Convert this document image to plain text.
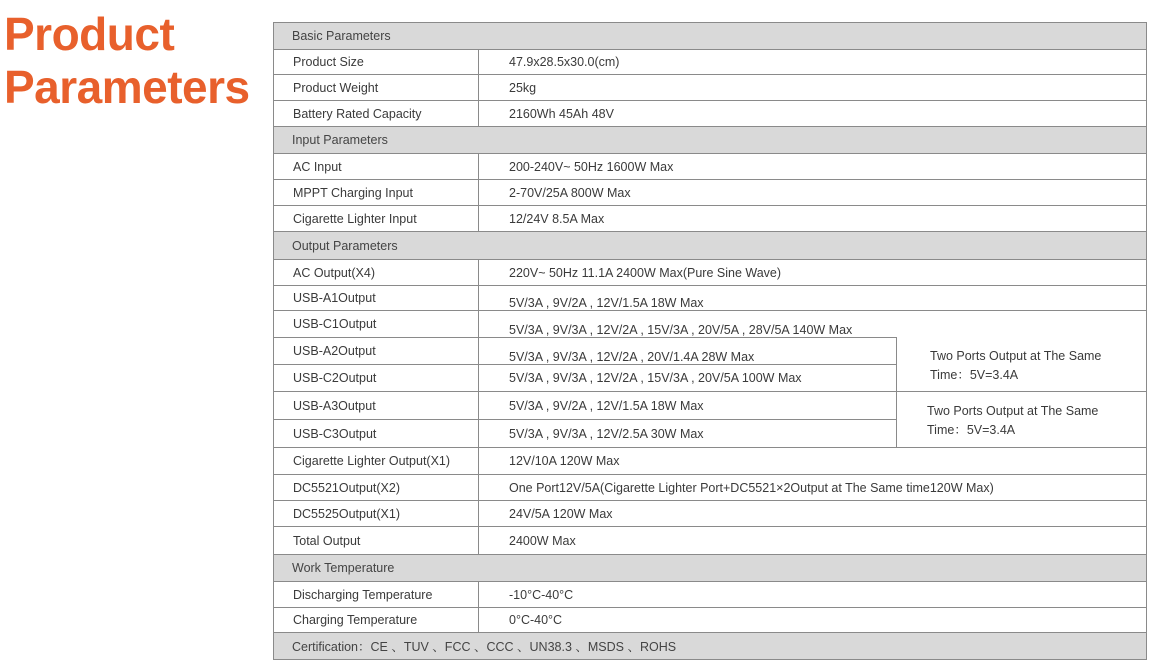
Product
Parameters
Basic Parameters
Product Size	47.9x28.5x30.0(cm)
Product Weight	25kg
Battery Rated Capacity	2160Wh 45Ah 48V
Input Parameters
AC Input	200-240V~ 50Hz 1600W Max
MPPT Charging Input	2-70V/25A 800W Max
Cigarette Lighter Input	12/24V 8.5A Max
Output Parameters
AC Output(X4)	220V~ 50Hz 11.1A 2400W Max(Pure Sine Wave)
USB-A1Output	5V/3A , 9V/2A , 12V/1.5A 18W Max
USB-C1Output	5V/3A , 9V/3A , 12V/2A , 15V/3A , 20V/5A , 28V/5A 140W Max
USB-A2Output	5V/3A , 9V/3A , 12V/2A , 20V/1.4A 28W Max
USB-C2Output	5V/3A , 9V/3A , 12V/2A , 15V/3A , 20V/5A 100W Max
Two Ports Output at The Same
Time：5V=3.4A
USB-A3Output	5V/3A , 9V/2A , 12V/1.5A 18W Max
USB-C3Output	5V/3A , 9V/3A , 12V/2.5A 30W Max
Two Ports Output at The Same
Time：5V=3.4A
Cigarette Lighter Output(X1)	12V/10A 120W Max
DC5521Output(X2)	One Port12V/5A(Cigarette Lighter Port+DC5521×2Output at The Same time120W Max)
DC5525Output(X1)	24V/5A 120W Max
Total Output	2400W Max
Work Temperature
Discharging Temperature	-10°C-40°C
Charging Temperature	0°C-40°C
Certification：CE 、TUV 、FCC 、CCC 、UN38.3 、MSDS 、ROHS
